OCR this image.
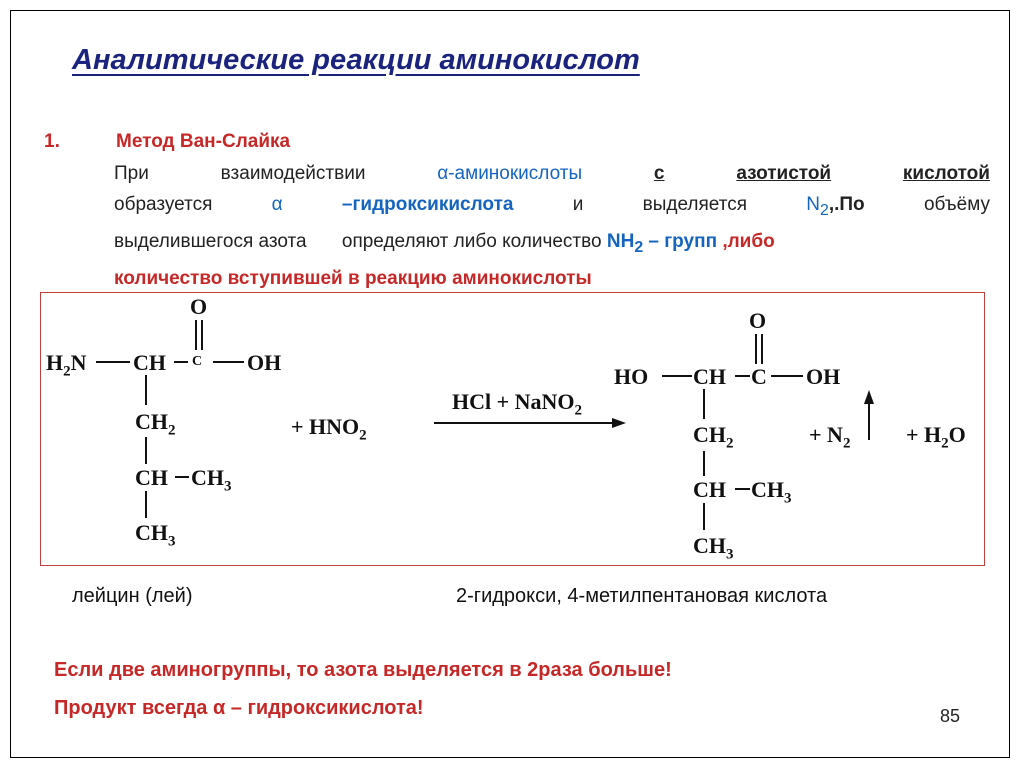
Аналитические реакции аминокислот
1.	Метод Ван-Слайка
При	взаимодействии	α-аминокислоты	с	азотистой	кислотой
образуется	α	–гидроксикислота	и	выделяется	$N_2,.По$	объёму
выделившегося азота определяют либо количество $NH_2$ – групп ,либо
количество вступившей в реакцию аминокислоты
O
$H_2N$ CH C OH
$CH_2$
CH $CH_3$
$CH_3$
+ $HNO_2$
HCl + NaNO$_2$
O
HO CH C OH
$CH_2$
CH $CH_3$
$CH_3$
+ $N_2$	+ $H_2O$
лейцин (лей)	2-гидрокси, 4-метилпентановая кислота
Если две аминогруппы, то азота выделяется в 2раза больше!
Продукт всегда α – гидроксикислота!	85
